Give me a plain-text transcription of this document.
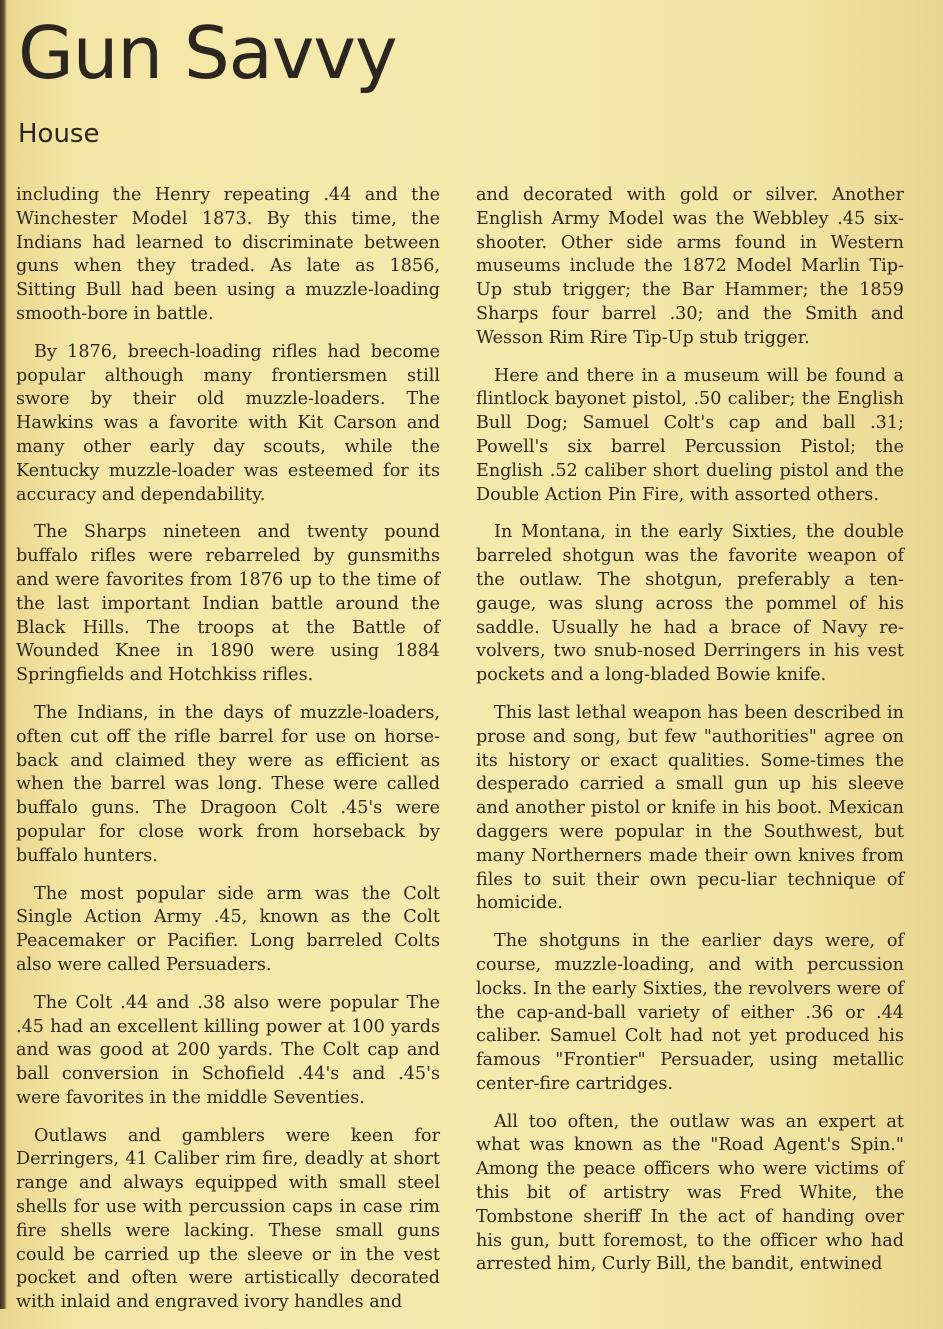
Gun Savvy
House

including the Henry repeating .44 and the Winchester Model 1873. By this time, the Indians had learned to discriminate between guns when they traded. As late as 1856, Sitting Bull had been using a muzzle-loading smooth-bore in battle.

By 1876, breech-loading rifles had become popular although many frontiersmen still swore by their old muzzle-loaders. The Hawkins was a favorite with Kit Carson and many other early day scouts, while the Kentucky muzzle-loader was esteemed for its accuracy and dependability.

The Sharps nineteen and twenty pound buffalo rifles were rebarreled by gunsmiths and were favorites from 1876 up to the time of the last important Indian battle around the Black Hills. The troops at the Battle of Wounded Knee in 1890 were using 1884 Springfields and Hotchkiss rifles.

The Indians, in the days of muzzle-loaders, often cut off the rifle barrel for use on horse-back and claimed they were as efficient as when the barrel was long. These were called buffalo guns. The Dragoon Colt .45's were popular for close work from horseback by buffalo hunters.

The most popular side arm was the Colt Single Action Army .45, known as the Colt Peacemaker or Pacifier. Long barreled Colts also were called Persuaders.

The Colt .44 and .38 also were popular The .45 had an excellent killing power at 100 yards and was good at 200 yards. The Colt cap and ball conversion in Schofield .44's and .45's were favorites in the middle Seventies.

Outlaws and gamblers were keen for Derringers, 41 Caliber rim fire, deadly at short range and always equipped with small steel shells for use with percussion caps in case rim fire shells were lacking. These small guns could be carried up the sleeve or in the vest pocket and often were artistically decorated with inlaid and engraved ivory handles and

and decorated with gold or silver. Another English Army Model was the Webbley .45 six-shooter. Other side arms found in Western museums include the 1872 Model Marlin Tip-Up stub trigger; the Bar Hammer; the 1859 Sharps four barrel .30; and the Smith and Wesson Rim Rire Tip-Up stub trigger.

Here and there in a museum will be found a flintlock bayonet pistol, .50 caliber; the English Bull Dog; Samuel Colt's cap and ball .31; Powell's six barrel Percussion Pistol; the English .52 caliber short dueling pistol and the Double Action Pin Fire, with assorted others.

In Montana, in the early Sixties, the double barreled shotgun was the favorite weapon of the outlaw. The shotgun, preferably a ten-gauge, was slung across the pommel of his saddle. Usually he had a brace of Navy re-volvers, two snub-nosed Derringers in his vest pockets and a long-bladed Bowie knife.

This last lethal weapon has been described in prose and song, but few "authorities" agree on its history or exact qualities. Some-times the desperado carried a small gun up his sleeve and another pistol or knife in his boot. Mexican daggers were popular in the Southwest, but many Northerners made their own knives from files to suit their own pecu-liar technique of homicide.

The shotguns in the earlier days were, of course, muzzle-loading, and with percussion locks. In the early Sixties, the revolvers were of the cap-and-ball variety of either .36 or .44 caliber. Samuel Colt had not yet produced his famous "Frontier" Persuader, using metallic center-fire cartridges.

All too often, the outlaw was an expert at what was known as the "Road Agent's Spin." Among the peace officers who were victims of this bit of artistry was Fred White, the Tombstone sheriff In the act of handing over his gun, butt foremost, to the officer who had arrested him, Curly Bill, the bandit, entwined
